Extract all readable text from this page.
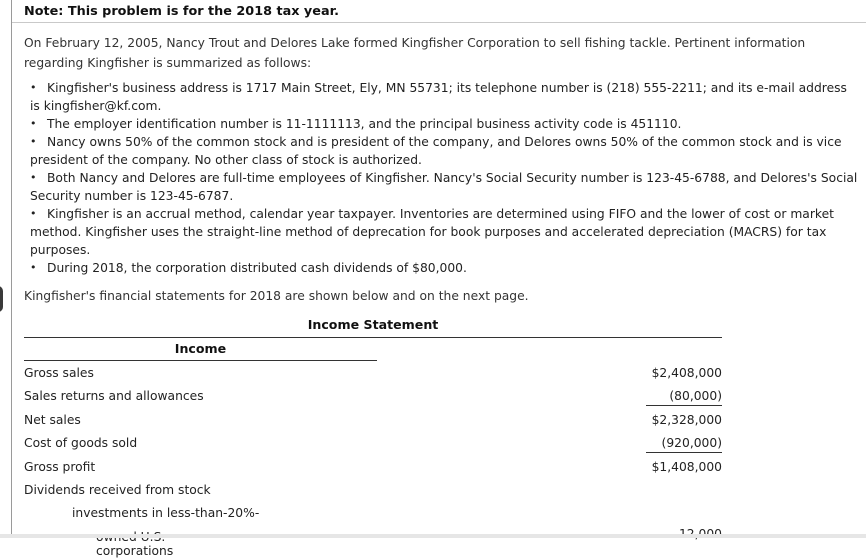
Note: This problem is for the 2018 tax year.
On February 12, 2005, Nancy Trout and Delores Lake formed Kingfisher Corporation to sell fishing tackle. Pertinent information regarding Kingfisher is summarized as follows:
• Kingfisher's business address is 1717 Main Street, Ely, MN 55731; its telephone number is (218) 555-2211; and its e-mail address is kingfisher@kf.com.
• The employer identification number is 11-1111113, and the principal business activity code is 451110.
• Nancy owns 50% of the common stock and is president of the company, and Delores owns 50% of the common stock and is vice president of the company. No other class of stock is authorized.
• Both Nancy and Delores are full-time employees of Kingfisher. Nancy's Social Security number is 123-45-6788, and Delores's Social Security number is 123-45-6787.
• Kingfisher is an accrual method, calendar year taxpayer. Inventories are determined using FIFO and the lower of cost or market method. Kingfisher uses the straight-line method of deprecation for book purposes and accelerated depreciation (MACRS) for tax purposes.
• During 2018, the corporation distributed cash dividends of $80,000.
Kingfisher's financial statements for 2018 are shown below and on the next page.
Income Statement
Income
Gross sales	$2,408,000
Sales returns and allowances	(80,000)
Net sales	$2,328,000
Cost of goods sold	(920,000)
Gross profit	$1,408,000
Dividends received from stock
investments in less-than-20%-
corporations
